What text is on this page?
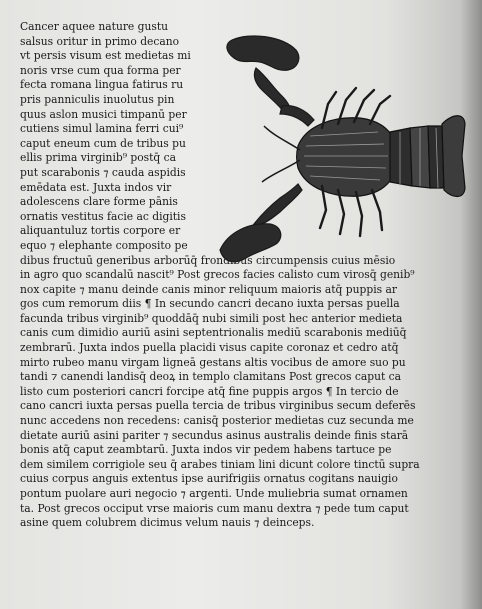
Cancer aquee nature gustu
salsus oritur in primo decano
vt persis visum est medietas mi
noris vrse cum qua forma per
fecta romana lingua fatirus ru
pris panniculis inuolutus pin
quus aslon musici timpanū per
cutiens simul lamina ferri cui⁹
caput eneum cum de tribus pu
ellis prima virginib⁹ postq̄ ca
put scarabonis ⁊ cauda aspidis
emēdata est. Juxta indos vir
adolescens clare forme pānis
ornatis vestitus facie ac digitis
aliquantuluz tortis corpore er
equo ⁊ elephante composito pe
dibus fructuū generibus arborūq̄ frondibus circumpensis cuius mēsio
in agro quo scandalū nascit⁹ Post grecos facies calisto cum virosq̄ genib⁹
nox capite ⁊ manu deinde canis minor reliquum maioris atq̄ puppis ar
gos cum remorum diis ¶ In secundo cancri decano iuxta persas puella
facunda tribus virginib⁹ quoddāq̄ nubi simili post hec anterior medieta
canis cum dimidio auriū asini septentrionalis mediū scarabonis mediūq̄
zembrarū. Juxta indos puella placidi visus capite coronaz et cedro atq̄
mirto rubeo manu virgam ligneā gestans altis vocibus de amore suo pu
tandi ⁊ canendi landisq̄ deoꝝ in templo clamitans Post grecos caput ca
listo cum posteriori cancri forcipe atq̄ fine puppis argos ¶ In tercio de
cano cancri iuxta persas puella tercia de tribus virginibus secum deferēs
nunc accedens non recedens: canisq̄ posterior medietas cuz secunda me
dietate auriū asini pariter ⁊ secundus asinus australis deinde finis starā
bonis atq̄ caput zeambtarū. Juxta indos vir pedem habens tartuce pe
dem similem corrigiole seu q̄ arabes tiniam lini dicunt colore tinctū supra
cuius corpus anguis extentus ipse aurifrigiis ornatus cogitans nauigio
pontum puolare auri negocio ⁊ argenti. Unde muliebria sumat ornamen
ta. Post grecos occiput vrse maioris cum manu dextra ⁊ pede tum caput
asine quem colubrem dicimus velum nauis ⁊ deinceps.
